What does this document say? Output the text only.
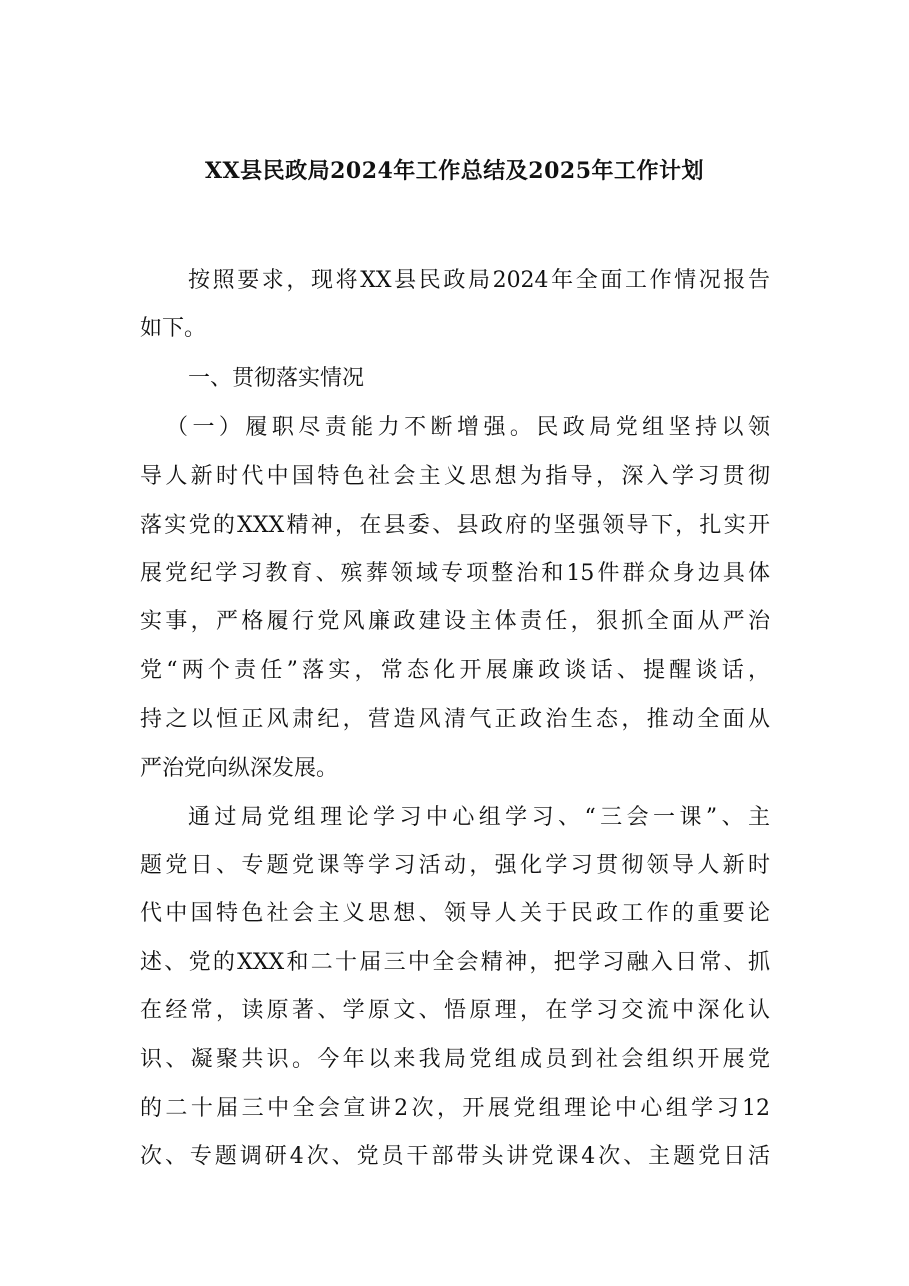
XX县民政局2024年工作总结及2025年工作计划
按照要求，现将XX县民政局2024年全面工作情况报告
如下。
一、贯彻落实情况
（一）履职尽责能力不断增强。民政局党组坚持以领
导人新时代中国特色社会主义思想为指导，深入学习贯彻
落实党的XXX精神，在县委、县政府的坚强领导下，扎实开
展党纪学习教育、殡葬领域专项整治和15件群众身边具体
实事，严格履行党风廉政建设主体责任，狠抓全面从严治
党“两个责任”落实，常态化开展廉政谈话、提醒谈话，
持之以恒正风肃纪，营造风清气正政治生态，推动全面从
严治党向纵深发展。
通过局党组理论学习中心组学习、“三会一课”、主
题党日、专题党课等学习活动，强化学习贯彻领导人新时
代中国特色社会主义思想、领导人关于民政工作的重要论
述、党的XXX和二十届三中全会精神，把学习融入日常、抓
在经常，读原著、学原文、悟原理，在学习交流中深化认
识、凝聚共识。今年以来我局党组成员到社会组织开展党
的二十届三中全会宣讲2次，开展党组理论中心组学习12
次、专题调研4次、党员干部带头讲党课4次、主题党日活
